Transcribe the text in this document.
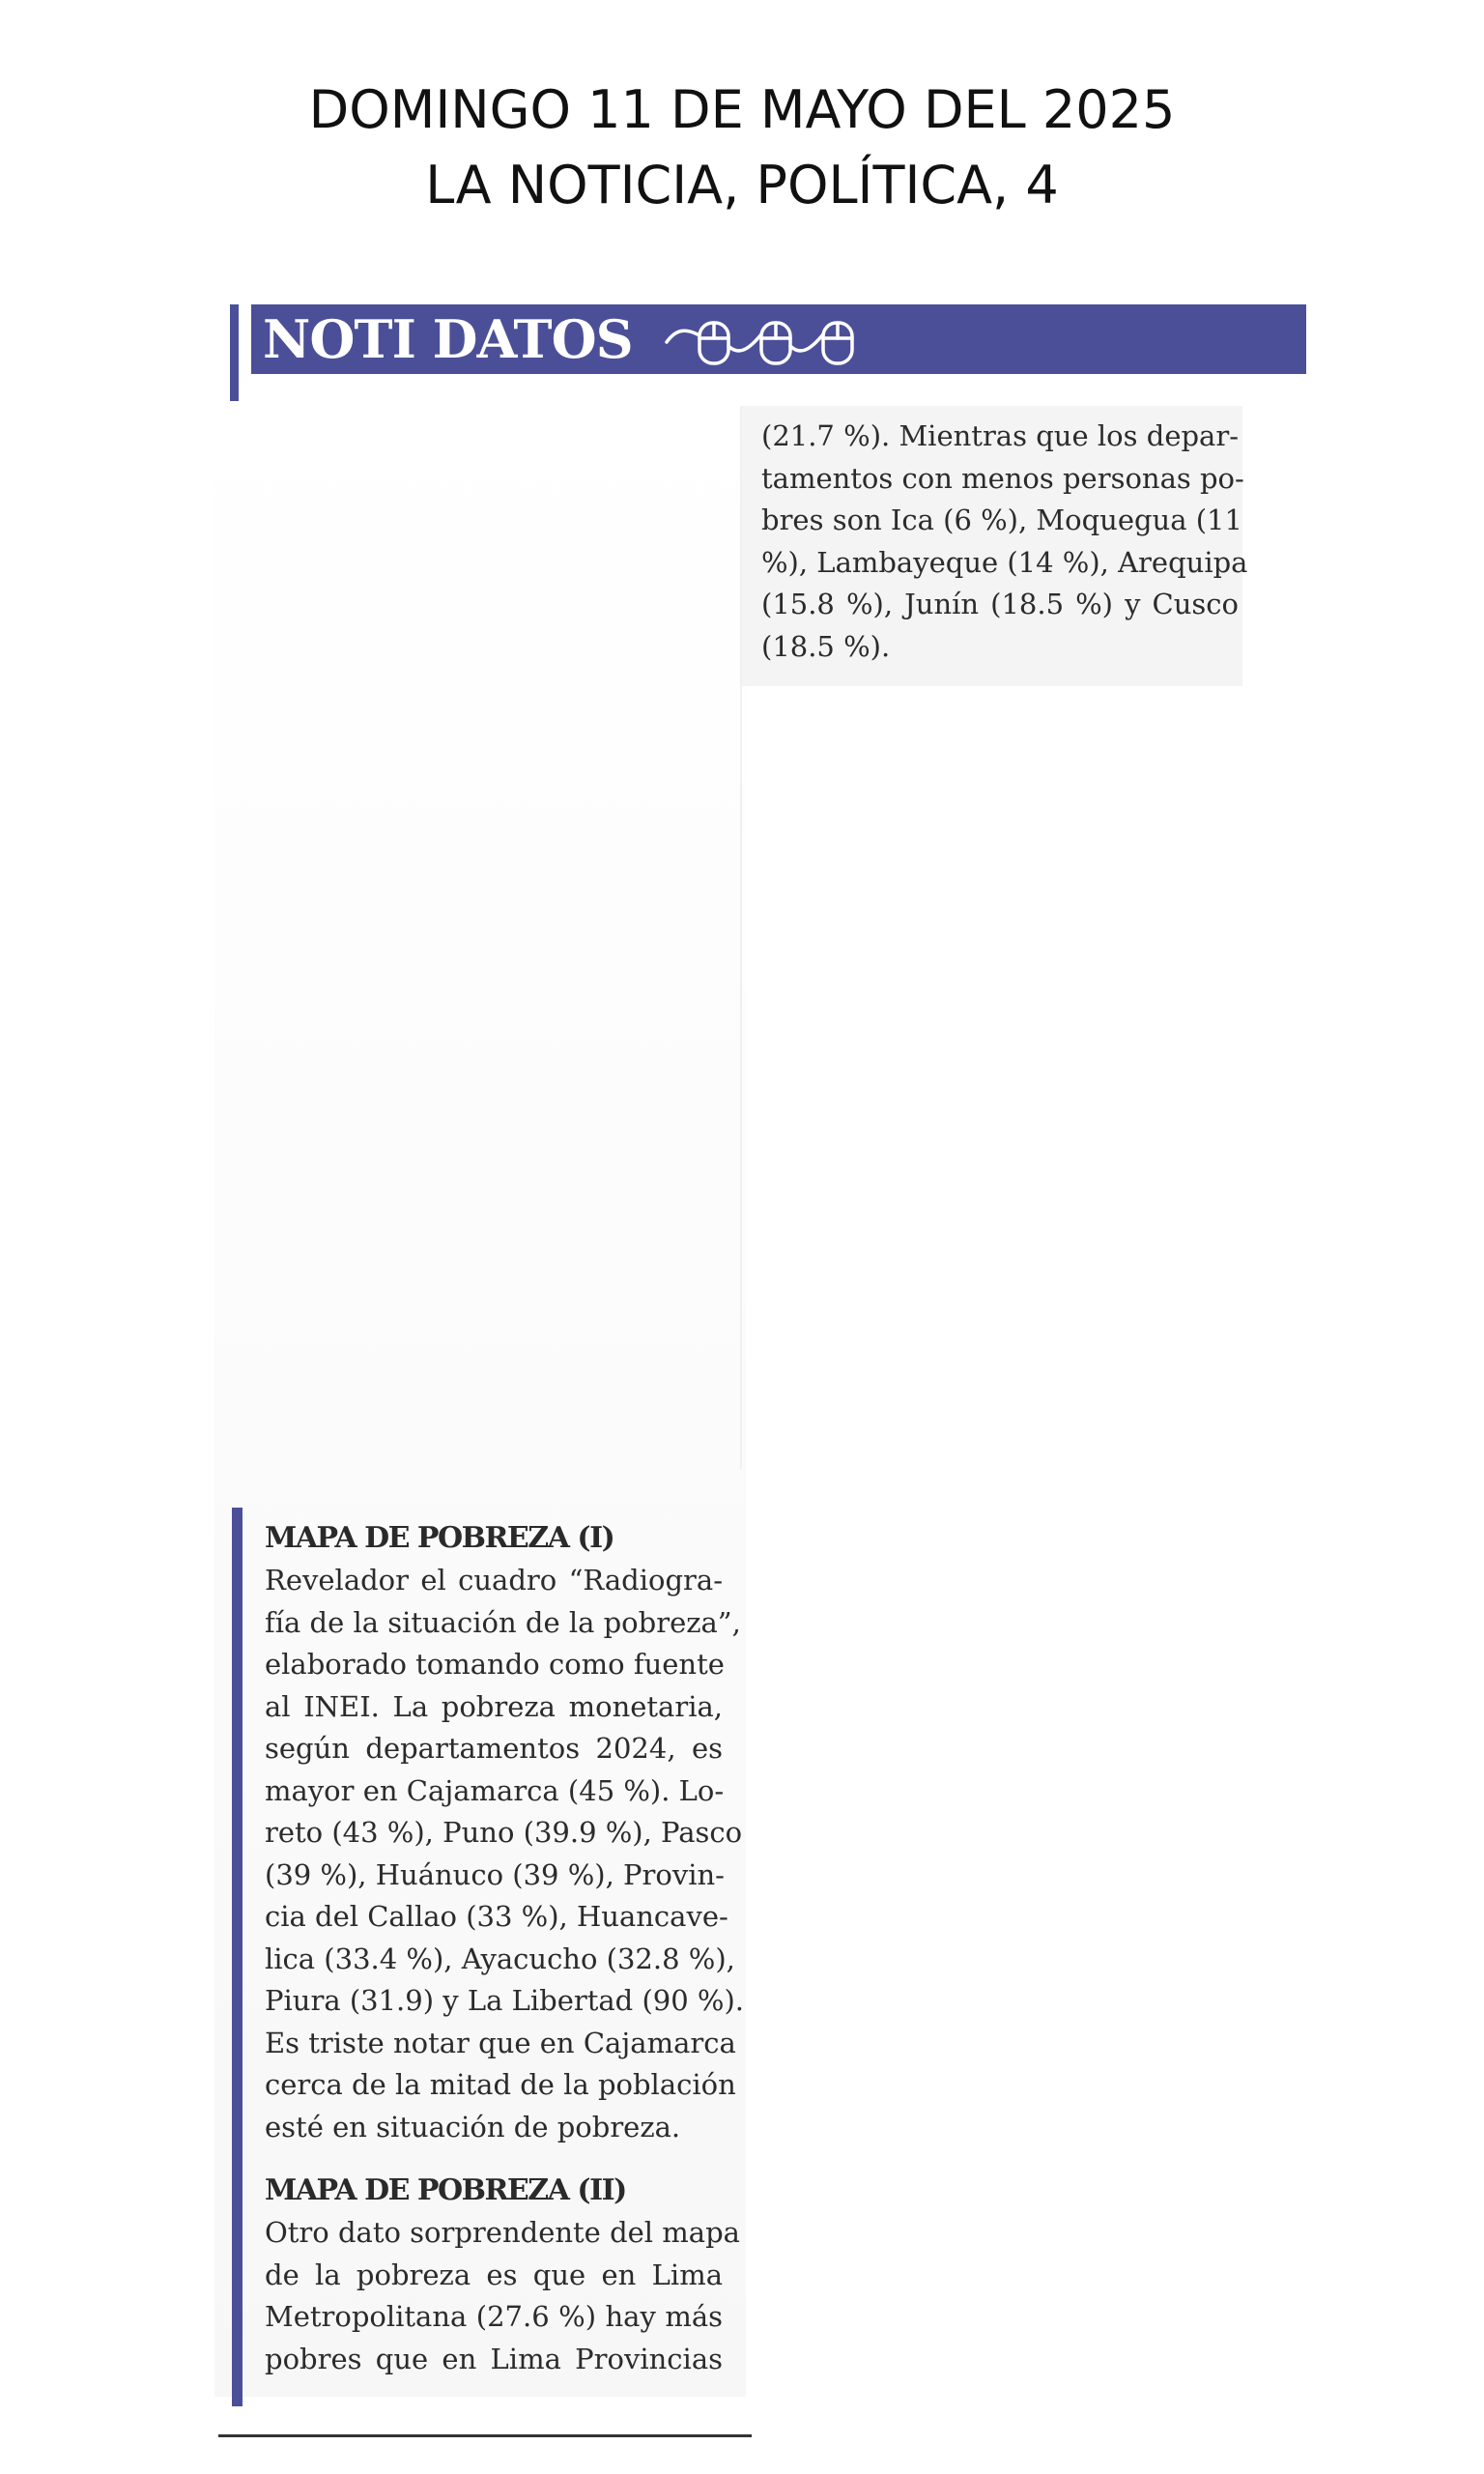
DOMINGO 11 DE MAYO DEL 2025
LA NOTICIA, POLÍTICA, 4
NOTI DATOS
(21.7 %). Mientras que los depar-
tamentos con menos personas po-
bres son Ica (6 %), Moquegua (11
%), Lambayeque (14 %), Arequipa
(15.8 %), Junín (18.5 %) y Cusco
(18.5 %).
MAPA DE POBREZA (I)
Revelador el cuadro “Radiogra-
fía de la situación de la pobreza”,
elaborado tomando como fuente
al INEI. La pobreza monetaria,
según departamentos 2024, es
mayor en Cajamarca (45 %). Lo-
reto (43 %), Puno (39.9 %), Pasco
(39 %), Huánuco (39 %), Provin-
cia del Callao (33 %), Huancave-
lica (33.4 %), Ayacucho (32.8 %),
Piura (31.9) y La Libertad (90 %).
Es triste notar que en Cajamarca
cerca de la mitad de la población
esté en situación de pobreza.
MAPA DE POBREZA (II)
Otro dato sorprendente del mapa
de la pobreza es que en Lima
Metropolitana (27.6 %) hay más
pobres que en Lima Provincias
